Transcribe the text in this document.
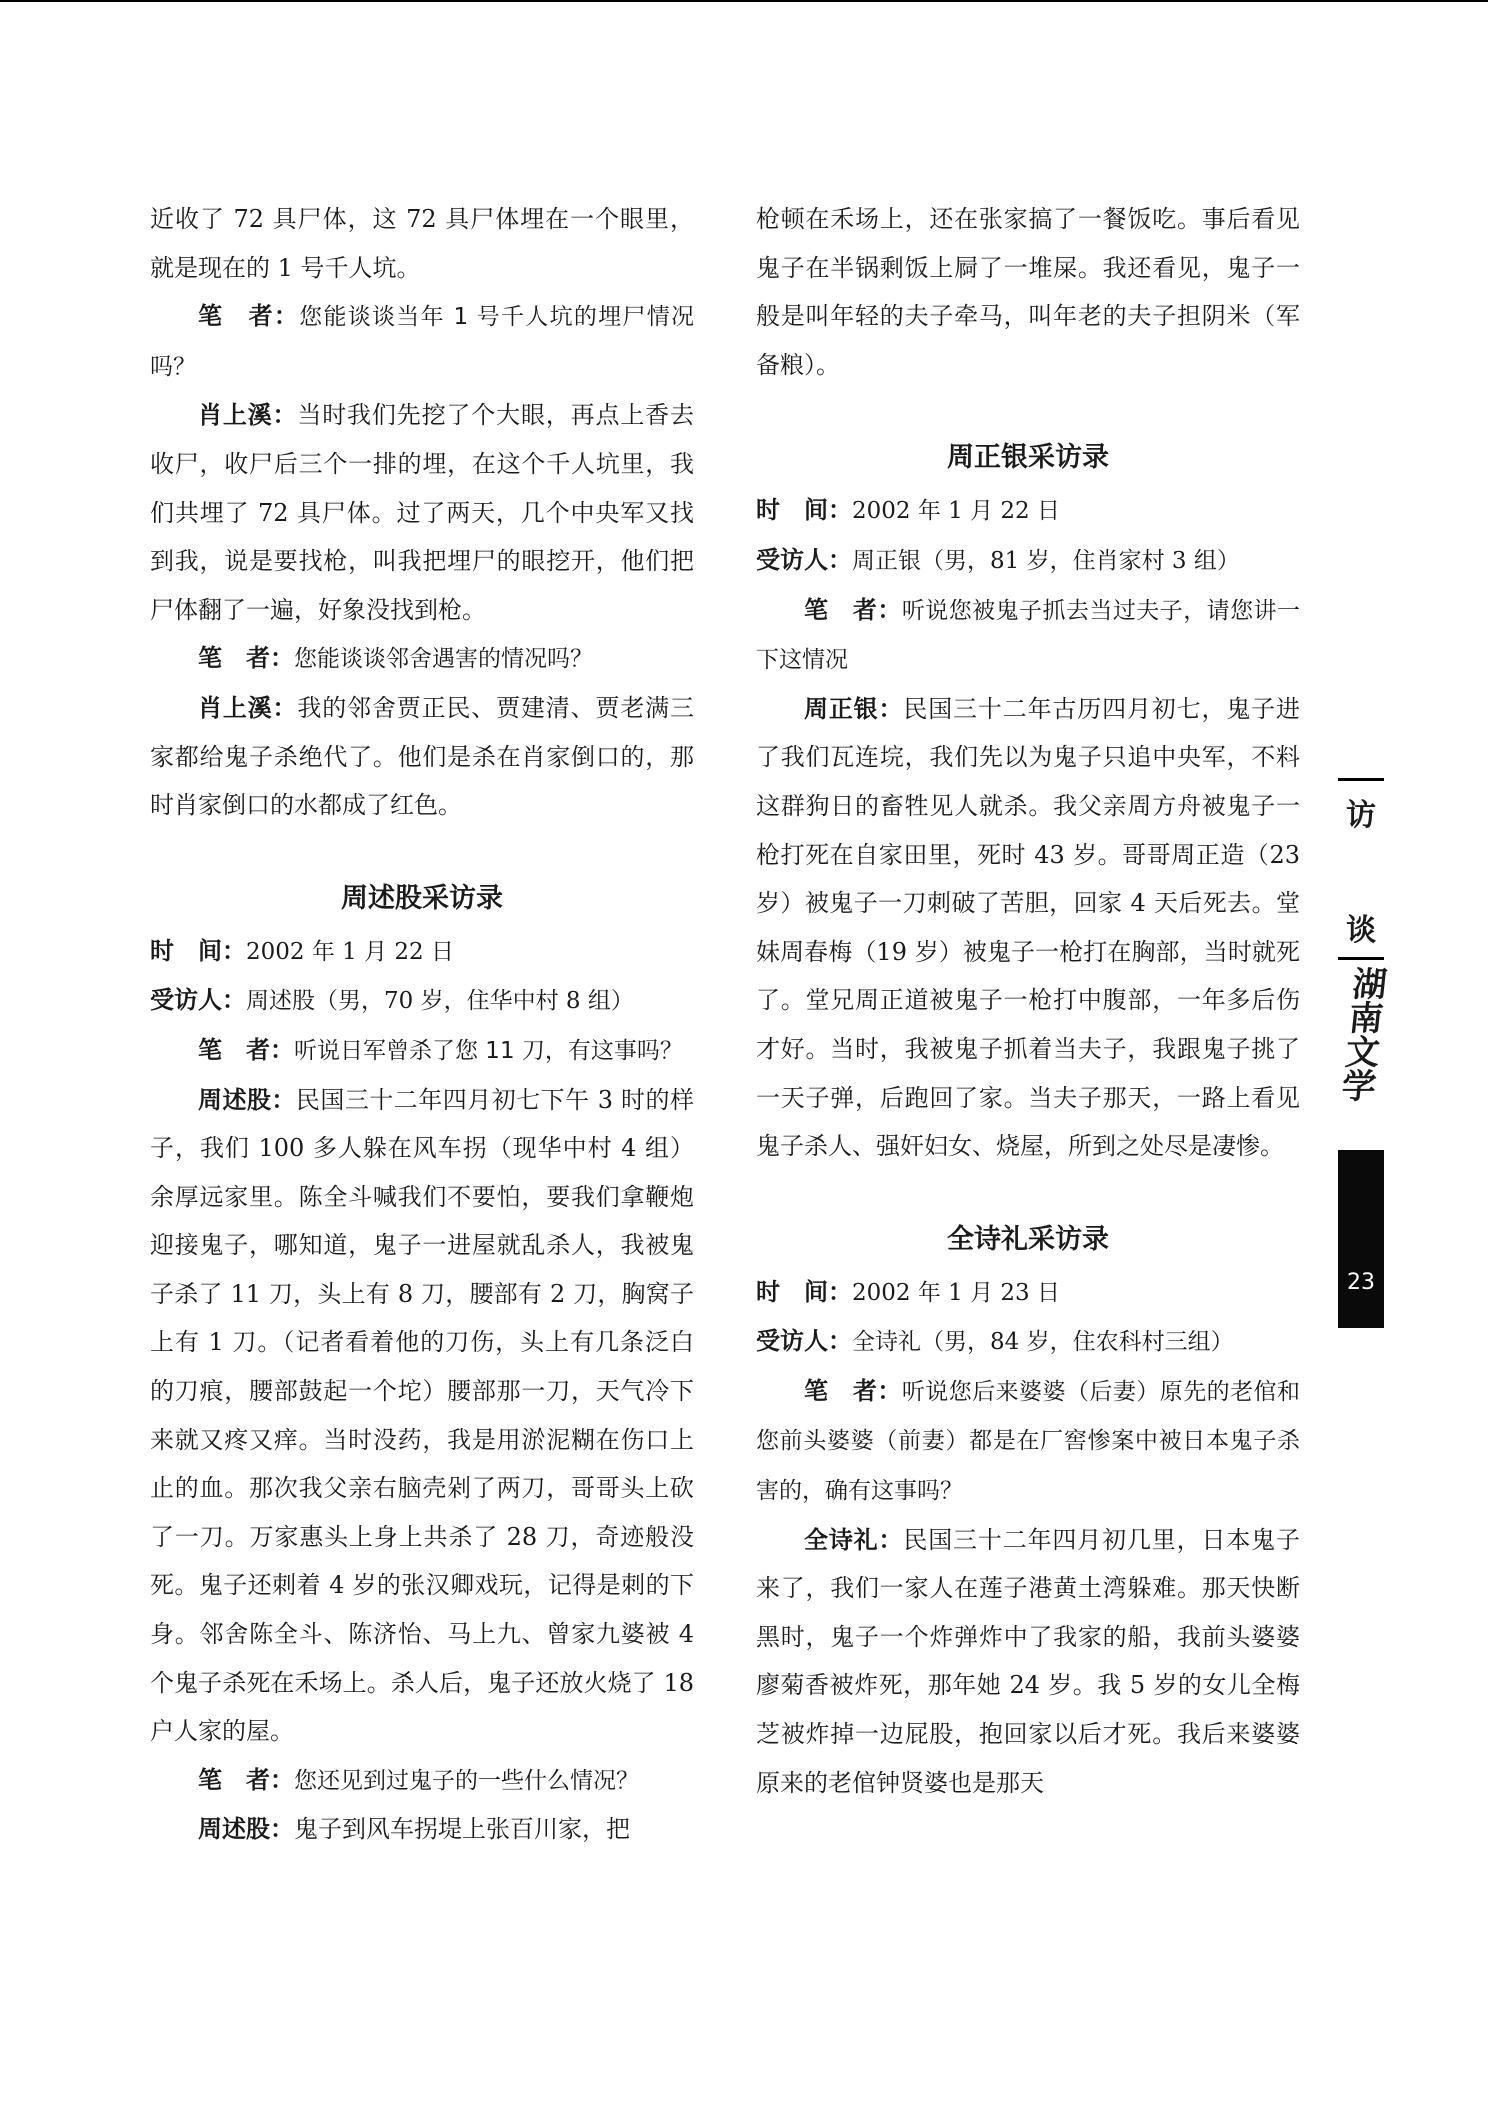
近收了 72 具尸体，这 72 具尸体埋在一个眼里，就是现在的 1 号千人坑。

笔　者：您能谈谈当年 1 号千人坑的埋尸情况吗？

肖上溪：当时我们先挖了个大眼，再点上香去收尸，收尸后三个一排的埋，在这个千人坑里，我们共埋了 72 具尸体。过了两天，几个中央军又找到我，说是要找枪，叫我把埋尸的眼挖开，他们把尸体翻了一遍，好象没找到枪。

笔　者：您能谈谈邻舍遇害的情况吗？

肖上溪：我的邻舍贾正民、贾建清、贾老满三家都给鬼子杀绝代了。他们是杀在肖家倒口的，那时肖家倒口的水都成了红色。

周述股采访录

时　间：2002 年 1 月 22 日

受访人：周述股（男，70 岁，住华中村 8 组）

笔　者：听说日军曾杀了您 11 刀，有这事吗？

周述股：民国三十二年四月初七下午 3 时的样子，我们 100 多人躲在风车拐（现华中村 4 组）余厚远家里。陈全斗喊我们不要怕，要我们拿鞭炮迎接鬼子，哪知道，鬼子一进屋就乱杀人，我被鬼子杀了 11 刀，头上有 8 刀，腰部有 2 刀，胸窝子上有 1 刀。（记者看着他的刀伤，头上有几条泛白的刀痕，腰部鼓起一个坨）腰部那一刀，天气冷下来就又疼又痒。当时没药，我是用淤泥糊在伤口上止的血。那次我父亲右脑壳剁了两刀，哥哥头上砍了一刀。万家惠头上身上共杀了 28 刀，奇迹般没死。鬼子还刺着 4 岁的张汉卿戏玩，记得是刺的下身。邻舍陈全斗、陈济怡、马上九、曾家九婆被 4 个鬼子杀死在禾场上。杀人后，鬼子还放火烧了 18 户人家的屋。

笔　者：您还见到过鬼子的一些什么情况？

周述股：鬼子到风车拐堤上张百川家，把

枪顿在禾场上，还在张家搞了一餐饭吃。事后看见鬼子在半锅剩饭上屙了一堆屎。我还看见，鬼子一般是叫年轻的夫子牵马，叫年老的夫子担阴米（军备粮）。

周正银采访录

时　间：2002 年 1 月 22 日

受访人：周正银（男，81 岁，住肖家村 3 组）

笔　者：听说您被鬼子抓去当过夫子，请您讲一下这情况

周正银：民国三十二年古历四月初七，鬼子进了我们瓦连垸，我们先以为鬼子只追中央军，不料这群狗日的畜牲见人就杀。我父亲周方舟被鬼子一枪打死在自家田里，死时 43 岁。哥哥周正造（23 岁）被鬼子一刀刺破了苦胆，回家 4 天后死去。堂妹周春梅（19 岁）被鬼子一枪打在胸部，当时就死了。堂兄周正道被鬼子一枪打中腹部，一年多后伤才好。当时，我被鬼子抓着当夫子，我跟鬼子挑了一天子弹，后跑回了家。当夫子那天，一路上看见鬼子杀人、强奸妇女、烧屋，所到之处尽是凄惨。

全诗礼采访录

时　间：2002 年 1 月 23 日

受访人：全诗礼（男，84 岁，住农科村三组）

笔　者：听说您后来婆婆（后妻）原先的老倌和您前头婆婆（前妻）都是在厂窖惨案中被日本鬼子杀害的，确有这事吗？

全诗礼：民国三十二年四月初几里，日本鬼子来了，我们一家人在莲子港黄土湾躲难。那天快断黑时，鬼子一个炸弹炸中了我家的船，我前头婆婆廖菊香被炸死，那年她 24 岁。我 5 岁的女儿全梅芝被炸掉一边屁股，抱回家以后才死。我后来婆婆原来的老倌钟贤婆也是那天

访
谈
湖南文学
23
